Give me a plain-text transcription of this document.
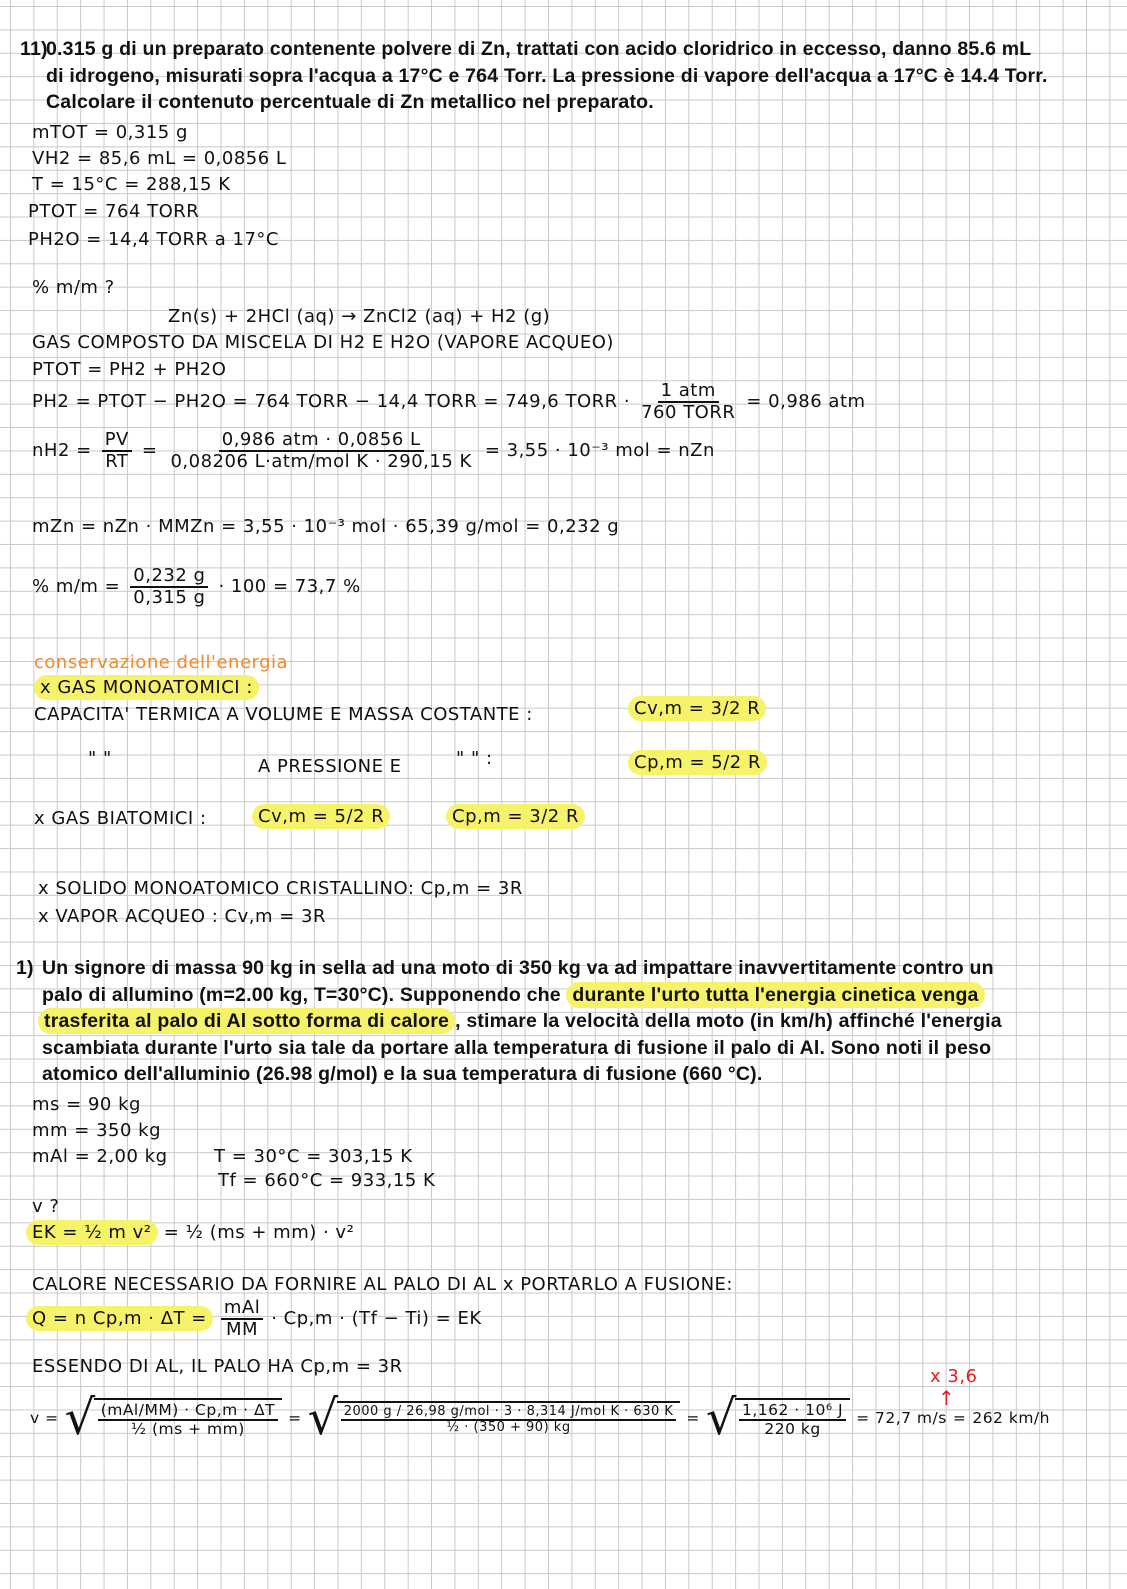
11)
0.315 g di un preparato contenente polvere di Zn, trattati con acido cloridrico in eccesso, danno 85.6 mL
di idrogeno, misurati sopra l'acqua a 17°C e 764 Torr. La pressione di vapore dell'acqua a 17°C è 14.4 Torr.
Calcolare il contenuto percentuale di Zn metallico nel preparato.
mTOT = 0,315 g
VH2 = 85,6 mL = 0,0856 L
T = 15°C = 288,15 K
PTOT = 764 TORR
PH2O = 14,4 TORR a 17°C
% m/m ?
Zn(s) + 2HCl (aq) → ZnCl2 (aq) + H2 (g)
GAS COMPOSTO DA MISCELA DI H2 E H2O (VAPORE ACQUEO)
PTOT = PH2 + PH2O
PH2 = PTOT − PH2O = 764 TORR − 14,4 TORR = 749,6 TORR · $\frac{\text{1 atm}}{\text{760 TORR}} = 0,986$ atm
$nH2 = \frac{PV}{RT} = \frac{\text{0,986 atm · 0,0856 L}}{\text{0,08206 L·atm/mol K · 290,15 K}} = 3,55 \cdot 10^{-3}$ mol = nZn
mZn = nZn · MMZn = 3,55 · 10⁻³ mol · 65,39 g/mol = 0,232 g
% $m/m = \frac{0,232 g}{0,315 g} \cdot 100 = 73,7$ %
conservazione dell'energia
x GAS MONOATOMICI :
CAPACITA' TERMICA A VOLUME E MASSA COSTANTE :	Cv,m = 3/2 R
" "	A PRESSIONE E	" " :	Cp,m = 5/2 R
x GAS BIATOMICI :	Cv,m = 5/2 R	Cp,m = 3/2 R
x SOLIDO MONOATOMICO CRISTALLINO: Cp,m = 3R
x VAPOR ACQUEO : Cv,m = 3R
1) Un signore di massa 90 kg in sella ad una moto di 350 kg va ad impattare inavvertitamente contro un
palo di allumino (m=2.00 kg, T=30°C). Supponendo che durante l'urto tutta l'energia cinetica venga
trasferita al palo di Al sotto forma di calore , stimare la velocità della moto (in km/h) affinché l'energia
scambiata durante l'urto sia tale da portare alla temperatura di fusione il palo di Al. Sono noti il peso
atomico dell'alluminio (26.98 g/mol) e la sua temperatura di fusione (660 °C).
ms = 90 kg
mm = 350 kg
mAl = 2,00 kg	T = 30°C = 303,15 K
Tf = 660°C = 933,15 K
v ?
EK = ½ m v² = ½ (ms + mm) · v²
CALORE NECESSARIO DA FORNIRE AL PALO DI AL x PORTARLO A FUSIONE:
Q = n $Cp,m \cdot \Delta T = \frac{\text{mAl}}{MM} \cdot Cp,m \cdot (Tf - Ti)$ = EK
ESSENDO DI AL, IL PALO HA Cp,m = 3R	x 3,6
↑
v = √ $\frac{\text{(mAl/MM) · Cp,m · ΔT}}{\text{½ (ms + mm)}}$ = √ $\frac{\text{2000 g / 26,98 g/mol · 3 · 8,314 J/mol K · 630 K}}{\text{½ · (350 + 90) kg}}$ = √ $\frac{\text{1,162 · 10⁶ J}}{220 kg} = 72,7$ m/s = 262 km/h
